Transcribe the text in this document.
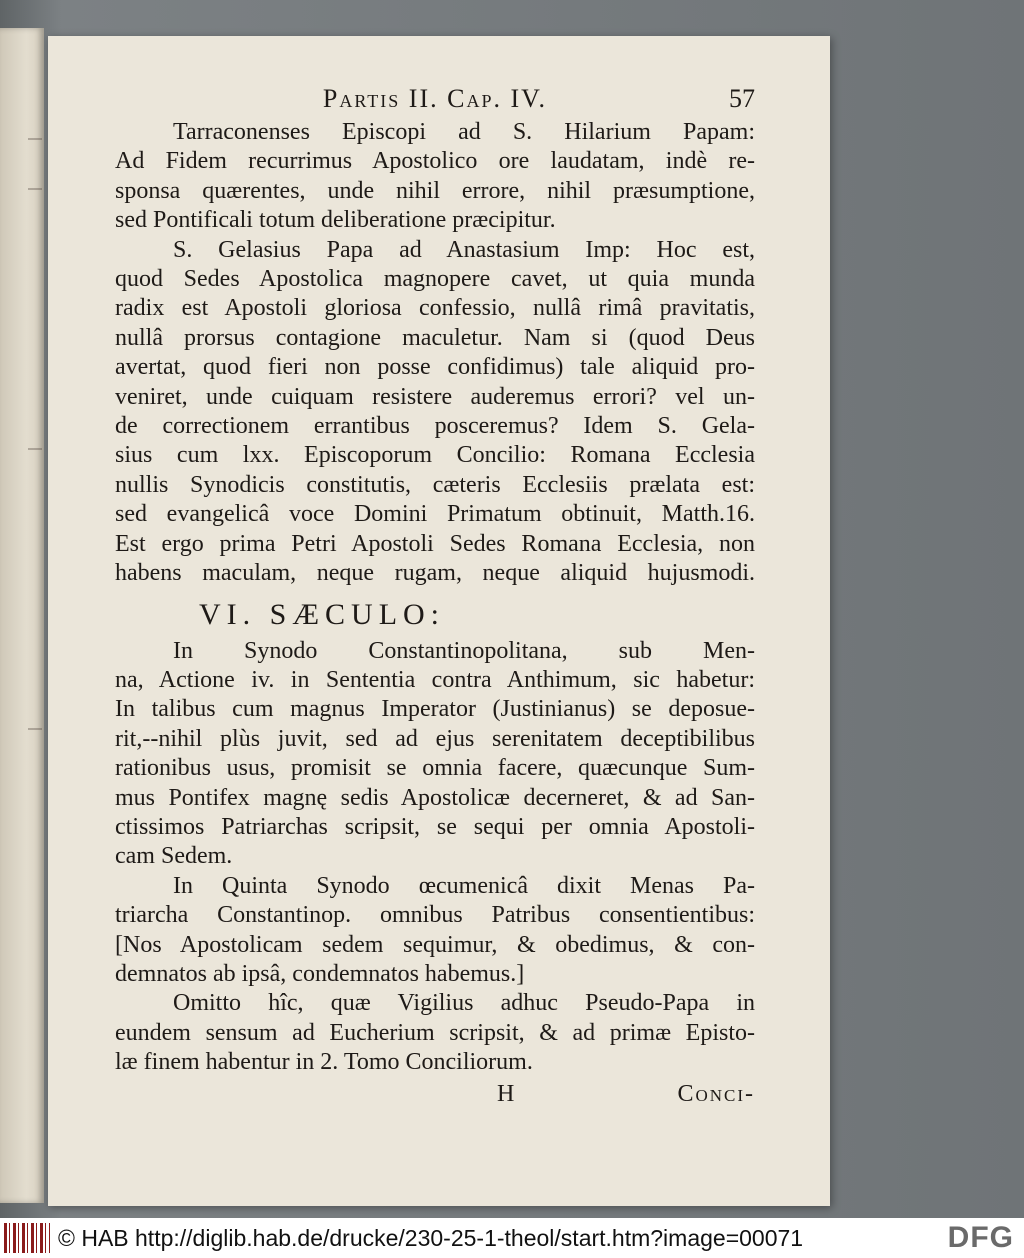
Partis II. Cap. IV.	57
Tarraconenses Episcopi ad S. Hilarium Papam:
Ad Fidem recurrimus Apostolico ore laudatam, indè re-
sponsa quærentes, unde nihil errore, nihil præsumptione,
sed Pontificali totum deliberatione præcipitur.
S. Gelasius Papa ad Anastasium Imp: Hoc est,
quod Sedes Apostolica magnopere cavet, ut quia munda
radix est Apostoli gloriosa confessio, nullâ rimâ pravitatis,
nullâ prorsus contagione maculetur. Nam si (quod Deus
avertat, quod fieri non posse confidimus) tale aliquid pro-
veniret, unde cuiquam resistere auderemus errori? vel un-
de correctionem errantibus posceremus? Idem S. Gela-
sius cum lxx. Episcoporum Concilio: Romana Ecclesia
nullis Synodicis constitutis, cæteris Ecclesiis prælata est:
sed evangelicâ voce Domini Primatum obtinuit, Matth.16.
Est ergo prima Petri Apostoli Sedes Romana Ecclesia, non
habens maculam, neque rugam, neque aliquid hujusmodi.
VI. SÆCULO:
In Synodo Constantinopolitana, sub Men-
na, Actione iv. in Sententia contra Anthimum, sic habetur:
In talibus cum magnus Imperator (Justinianus) se deposue-
rit,--nihil plùs juvit, sed ad ejus serenitatem deceptibilibus
rationibus usus, promisit se omnia facere, quæcunque Sum-
mus Pontifex magnę sedis Apostolicæ decerneret, & ad San-
ctissimos Patriarchas scripsit, se sequi per omnia Apostoli-
cam Sedem.
In Quinta Synodo œcumenicâ dixit Menas Pa-
triarcha Constantinop. omnibus Patribus consentientibus:
[Nos Apostolicam sedem sequimur, & obedimus, & con-
demnatos ab ipsâ, condemnatos habemus.]
Omitto hîc, quæ Vigilius adhuc Pseudo-Papa in
eundem sensum ad Eucherium scripsit, & ad primæ Episto-
læ finem habentur in 2. Tomo Conciliorum.
H	Conci-
© HAB http://diglib.hab.de/drucke/230-25-1-theol/start.htm?image=00071	DFG
